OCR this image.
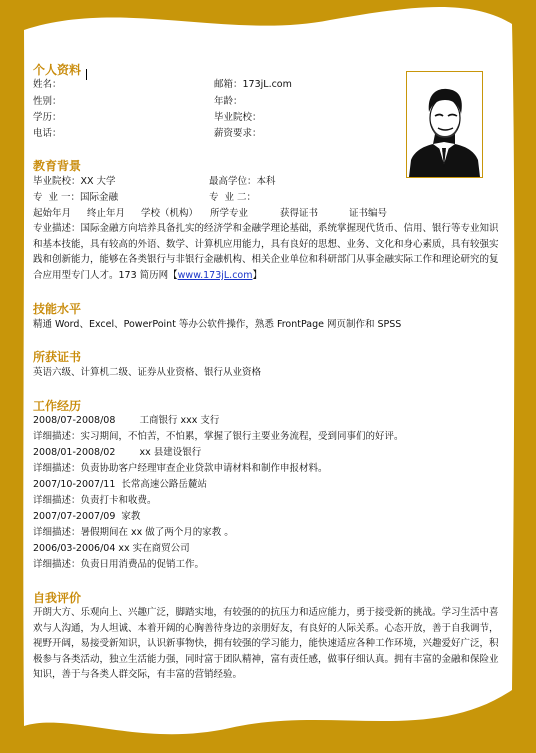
个人资料
姓名：	邮箱：173jL.com
性别：	年龄：
学历：	毕业院校：
电话：	薪资要求：
教育背景
毕业院校：XX 大学	最高学位：本科
专  业 一：国际金融	专  业 二：
起始年月 终止年月 学校（机构） 所学专业	获得证书	证书编号
专业描述：国际金融方向培养具备扎实的经济学和金融学理论基础，系统掌握现代货币、信用、银行等专业知识和基本技能，具有较高的外语、数学、计算机应用能力，具有良好的思想、业务、文化和身心素质，具有较强实践和创新能力，能够在各类银行与非银行金融机构、相关企业单位和科研部门从事金融实际工作和理论研究的复合应用型专门人才。173 简历网【www.173jL.com】
技能水平
精通 Word、Excel、PowerPoint 等办公软件操作，熟悉 FrontPage 网页制作和 SPSS
所获证书
英语六级、计算机二级、证券从业资格、银行从业资格
工作经历
2008/07-2008/08        工商银行 xxx 支行
详细描述：实习期间，不怕苦，不怕累，掌握了银行主要业务流程，受到同事们的好评。
2008/01-2008/02        xx 县建设银行
详细描述：负责协助客户经理审查企业贷款申请材料和制作申报材料。
2007/10-2007/11  长常高速公路岳麓站
详细描述：负责打卡和收费。
2007/07-2007/09  家教
详细描述：暑假期间在 xx 做了两个月的家教 。
2006/03-2006/04 xx 实在商贸公司
详细描述：负责日用消费品的促销工作。
自我评价
开朗大方、乐观向上、兴趣广泛，脚踏实地，有较强的的抗压力和适应能力，勇于接受新的挑战。学习生活中喜欢与人沟通，为人坦诚、本着开阔的心胸善待身边的亲朋好友，有良好的人际关系。心态开放，善于自我调节，视野开阔，易接受新知识，认识新事物快，拥有较强的学习能力，能快速适应各种工作环境，兴趣爱好广泛，积极参与各类活动，独立生活能力强，同时富于团队精神，富有责任感，做事仔细认真。拥有丰富的金融和保险业知识，善于与各类人群交际，有丰富的营销经验。
